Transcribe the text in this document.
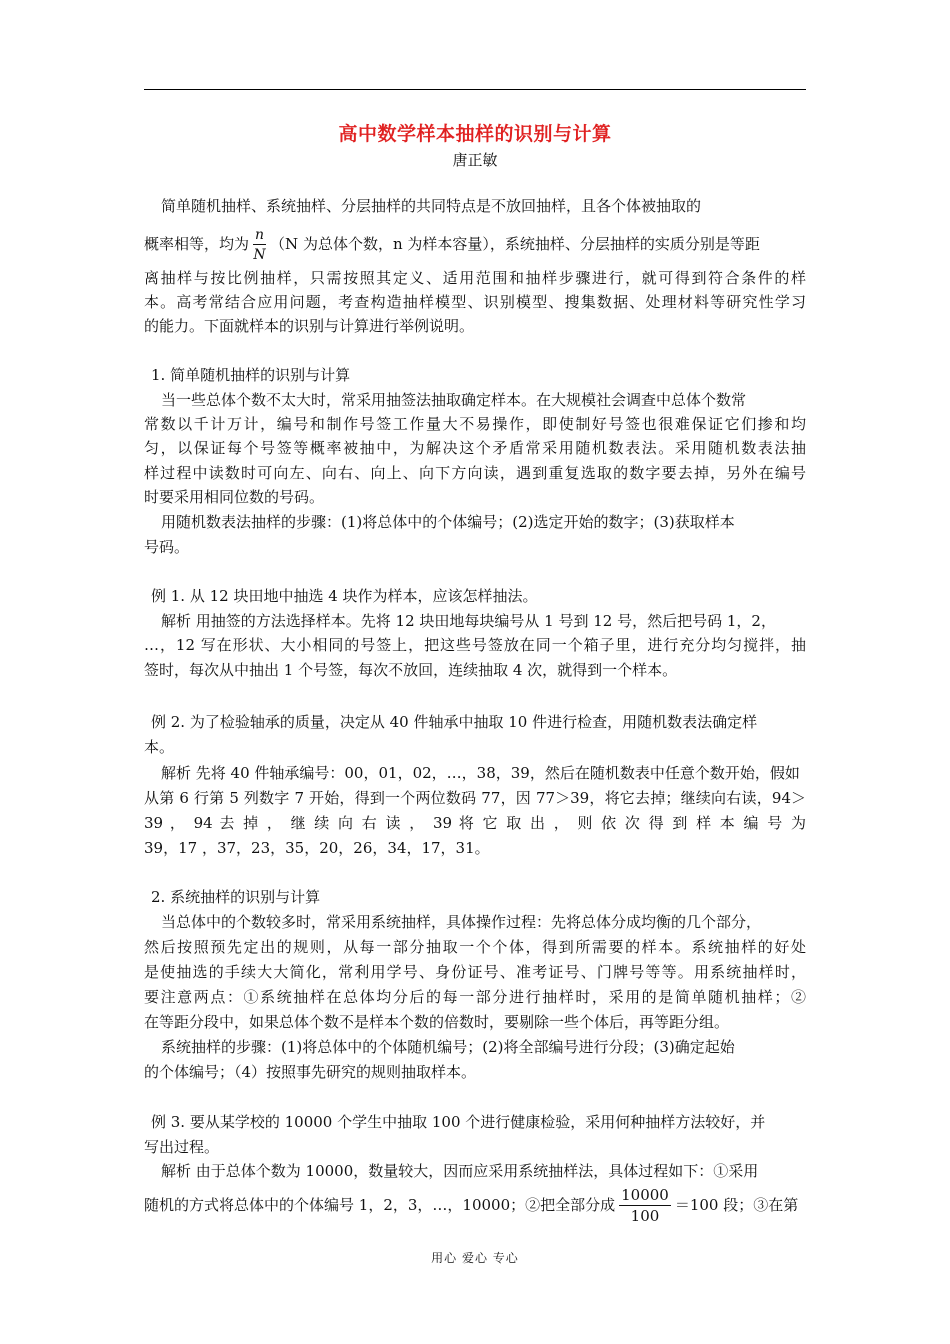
高中数学样本抽样的识别与计算
唐正敏
简单随机抽样、系统抽样、分层抽样的共同特点是不放回抽样，且各个体被抽取的
概率相等，均为 $\frac{n}{N} (N$ 为总体个数，n 为样本容量），系统抽样、分层抽样的实质分别是等距
离抽样与按比例抽样，只需按照其定义、适用范围和抽样步骤进行，就可得到符合条件的样
本。高考常结合应用问题，考查构造抽样模型、识别模型、搜集数据、处理材料等研究性学习
的能力。下面就样本的识别与计算进行举例说明。
1. 简单随机抽样的识别与计算
当一些总体个数不太大时，常采用抽签法抽取确定样本。在大规模社会调查中总体个数常
常数以千计万计，编号和制作号签工作量大不易操作，即使制好号签也很难保证它们掺和均
匀，以保证每个号签等概率被抽中，为解决这个矛盾常采用随机数表法。采用随机数表法抽
样过程中读数时可向左、向右、向上、向下方向读，遇到重复选取的数字要去掉，另外在编号
时要采用相同位数的号码。
用随机数表法抽样的步骤：(1)将总体中的个体编号；(2)选定开始的数字；(3)获取样本
号码。
例 1. 从 12 块田地中抽选 4 块作为样本，应该怎样抽法。
解析 用抽签的方法选择样本。先将 12 块田地每块编号从 1 号到 12 号，然后把号码 1，2，
…，12 写在形状、大小相同的号签上，把这些号签放在同一个箱子里，进行充分均匀搅拌，抽
签时，每次从中抽出 1 个号签，每次不放回，连续抽取 4 次，就得到一个样本。
例 2. 为了检验轴承的质量，决定从 40 件轴承中抽取 10 件进行检查，用随机数表法确定样
本。
解析 先将 40 件轴承编号：00，01，02，…，38，39，然后在随机数表中任意个数开始，假如
从第 6 行第 5 列数字 7 开始，得到一个两位数码 77，因 77＞39，将它去掉；继续向右读，94＞
39 ， 94 去 掉 ， 继 续 向 右 读 ， 39 将 它 取 出 ， 则 依 次 得 到 样 本 编 号 为
39，17 ，37，23，35，20，26，34，17，31。
2. 系统抽样的识别与计算
当总体中的个数较多时，常采用系统抽样，具体操作过程：先将总体分成均衡的几个部分，
然后按照预先定出的规则，从每一部分抽取一个个体，得到所需要的样本。系统抽样的好处
是使抽选的手续大大简化，常利用学号、身份证号、准考证号、门牌号等等。用系统抽样时，
要注意两点：①系统抽样在总体均分后的每一部分进行抽样时，采用的是简单随机抽样；②
在等距分段中，如果总体个数不是样本个数的倍数时，要剔除一些个体后，再等距分组。
系统抽样的步骤：(1)将总体中的个体随机编号；(2)将全部编号进行分段；(3)确定起始
的个体编号；（4）按照事先研究的规则抽取样本。
例 3. 要从某学校的 10000 个学生中抽取 100 个进行健康检验，采用何种抽样方法较好，并
写出过程。
解析 由于总体个数为 10000，数量较大，因而应采用系统抽样法，具体过程如下：①采用
随机的方式将总体中的个体编号 1，2，3，…，10000；②把全部分成 $\frac{10000}{100} =100$ 段；③在第
用心 爱心 专心
